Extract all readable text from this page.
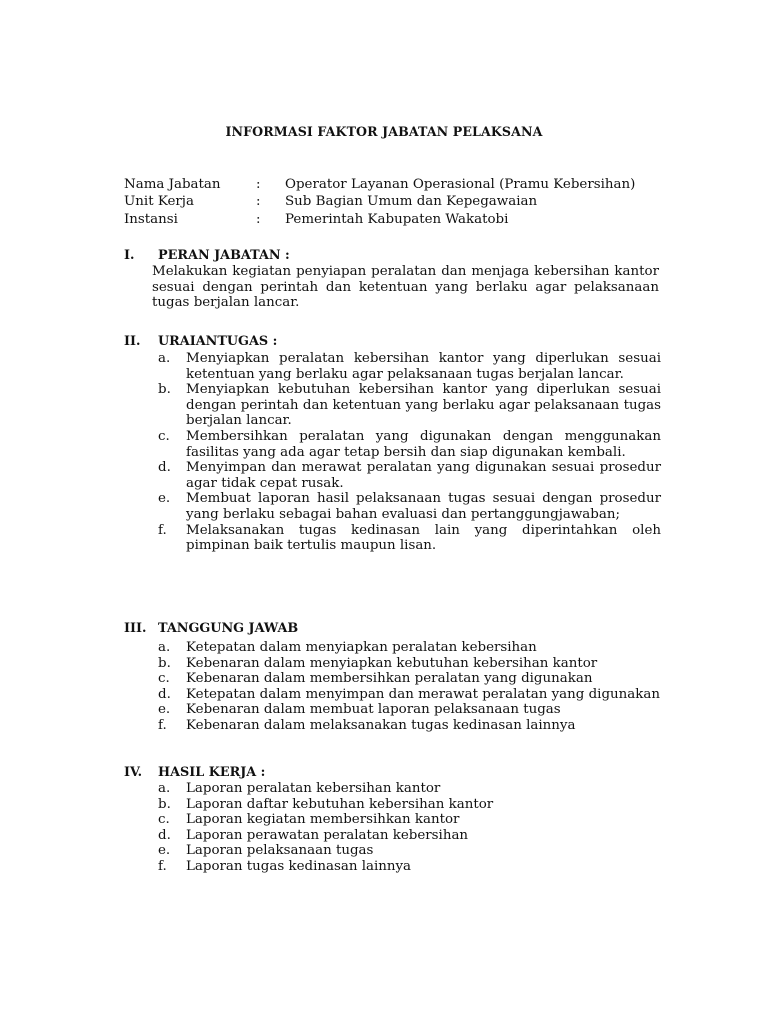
INFORMASI FAKTOR JABATAN PELAKSANA
Nama Jabatan	: Operator Layanan Operasional (Pramu Kebersihan)
Unit Kerja	: Sub Bagian Umum dan Kepegawaian
Instansi	: Pemerintah Kabupaten Wakatobi
I. PERAN JABATAN :
Melakukan kegiatan penyiapan peralatan dan menjaga kebersihan kantor sesuai dengan perintah dan ketentuan yang berlaku agar pelaksanaan tugas berjalan lancar.
II. URAIANTUGAS :
a. Menyiapkan peralatan kebersihan kantor yang diperlukan sesuai ketentuan yang berlaku agar pelaksanaan tugas berjalan lancar.
b. Menyiapkan kebutuhan kebersihan kantor yang diperlukan sesuai dengan perintah dan ketentuan yang berlaku agar pelaksanaan tugas berjalan lancar.
c. Membersihkan peralatan yang digunakan dengan menggunakan fasilitas yang ada agar tetap bersih dan siap digunakan kembali.
d. Menyimpan dan merawat peralatan yang digunakan sesuai prosedur agar tidak cepat rusak.
e. Membuat laporan hasil pelaksanaan tugas sesuai dengan prosedur yang berlaku sebagai bahan evaluasi dan pertanggungjawaban;
f. Melaksanakan tugas kedinasan lain yang diperintahkan oleh pimpinan baik tertulis maupun lisan.
III. TANGGUNG JAWAB
a. Ketepatan dalam menyiapkan peralatan kebersihan
b. Kebenaran dalam menyiapkan kebutuhan kebersihan kantor
c. Kebenaran dalam membersihkan peralatan yang digunakan
d. Ketepatan dalam menyimpan dan merawat peralatan yang digunakan
e. Kebenaran dalam membuat laporan pelaksanaan tugas
f. Kebenaran dalam melaksanakan tugas kedinasan lainnya
IV. HASIL KERJA :
a. Laporan peralatan kebersihan kantor
b. Laporan daftar kebutuhan kebersihan kantor
c. Laporan kegiatan membersihkan kantor
d. Laporan perawatan peralatan kebersihan
e. Laporan pelaksanaan tugas
f. Laporan tugas kedinasan lainnya
